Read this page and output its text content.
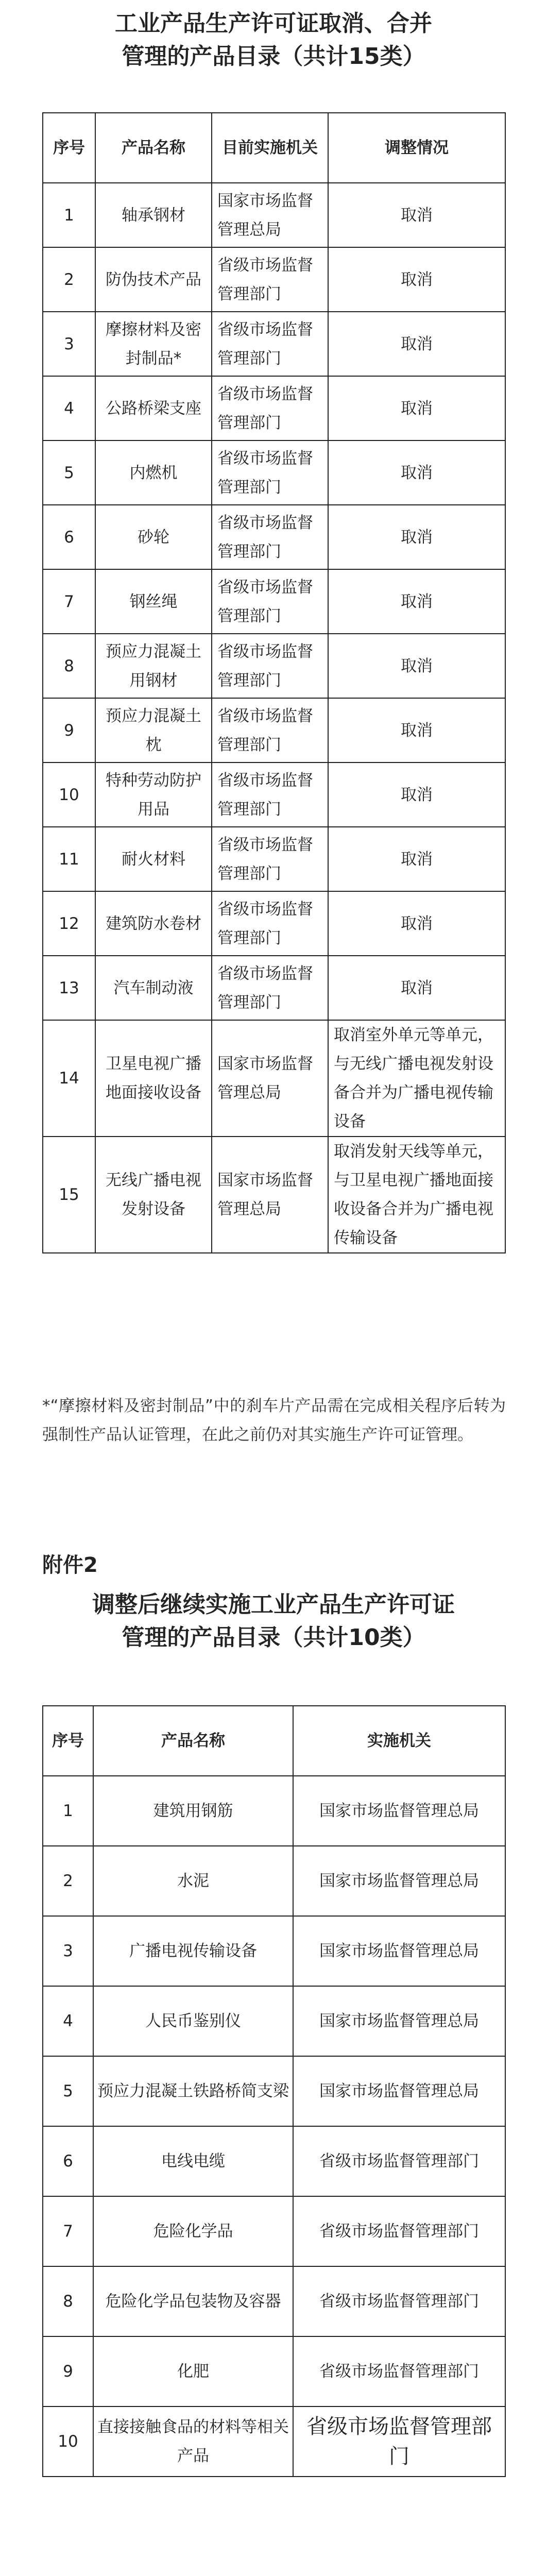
工业产品生产许可证取消、合并
管理的产品目录（共计15类）
序号	产品名称	目前实施机关	调整情况
1	轴承钢材	国家市场监督管理总局	取消
2	防伪技术产品	省级市场监督管理部门	取消
3	摩擦材料及密封制品*	省级市场监督管理部门	取消
4	公路桥梁支座	省级市场监督管理部门	取消
5	内燃机	省级市场监督管理部门	取消
6	砂轮	省级市场监督管理部门	取消
7	钢丝绳	省级市场监督管理部门	取消
8	预应力混凝土用钢材	省级市场监督管理部门	取消
9	预应力混凝土枕	省级市场监督管理部门	取消
10	特种劳动防护用品	省级市场监督管理部门	取消
11	耐火材料	省级市场监督管理部门	取消
12	建筑防水卷材	省级市场监督管理部门	取消
13	汽车制动液	省级市场监督管理部门	取消
14	卫星电视广播地面接收设备	国家市场监督管理总局	取消室外单元等单元，与无线广播电视发射设备合并为广播电视传输设备
15	无线广播电视发射设备	国家市场监督管理总局	取消发射天线等单元，与卫星电视广播地面接收设备合并为广播电视传输设备

*“摩擦材料及密封制品”中的刹车片产品需在完成相关程序后转为强制性产品认证管理，在此之前仍对其实施生产许可证管理。

附件2
调整后继续实施工业产品生产许可证
管理的产品目录（共计10类）
序号	产品名称	实施机关
1	建筑用钢筋	国家市场监督管理总局
2	水泥	国家市场监督管理总局
3	广播电视传输设备	国家市场监督管理总局
4	人民币鉴别仪	国家市场监督管理总局
5	预应力混凝土铁路桥简支梁	国家市场监督管理总局
6	电线电缆	省级市场监督管理部门
7	危险化学品	省级市场监督管理部门
8	危险化学品包装物及容器	省级市场监督管理部门
9	化肥	省级市场监督管理部门
10	直接接触食品的材料等相关产品	省级市场监督管理部门
